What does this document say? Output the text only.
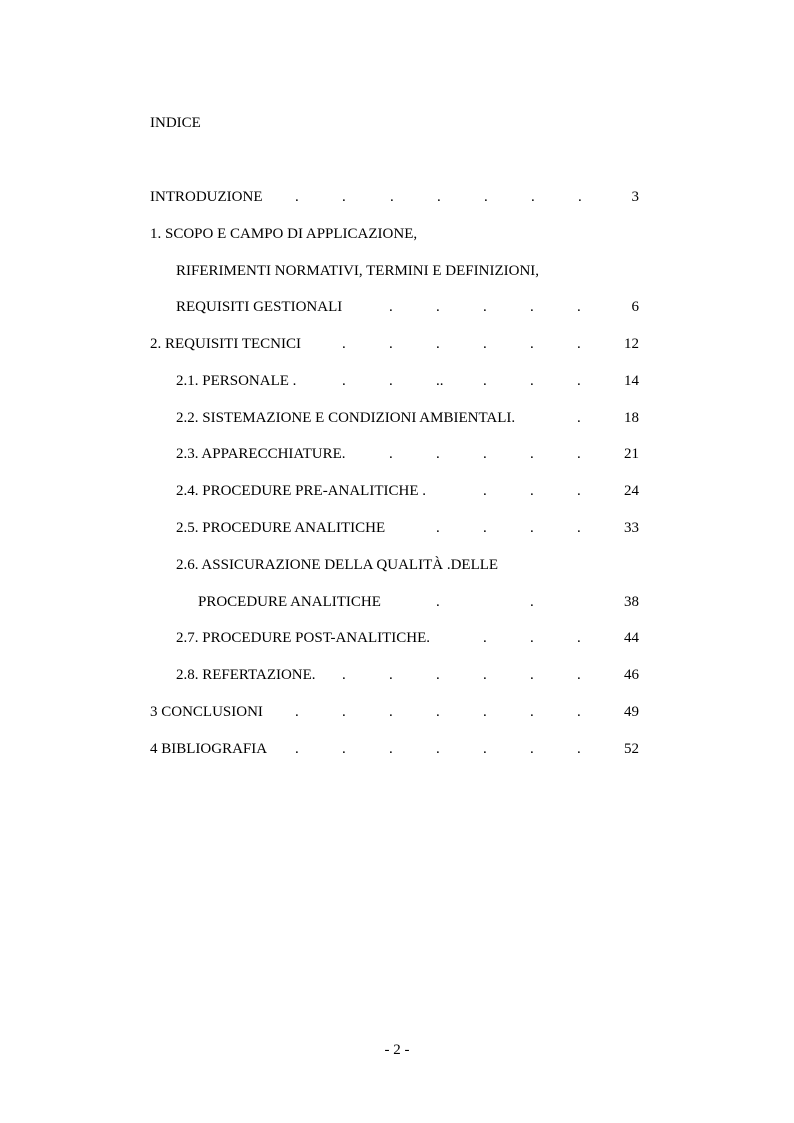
INDICE
INTRODUZIONE .	.	.	.	.	.	.	3
1. SCOPO E CAMPO DI APPLICAZIONE,
RIFERIMENTI NORMATIVI, TERMINI E DEFINIZIONI,
REQUISITI GESTIONALI	.	.	.	.	.	6
2. REQUISITI TECNICI	.	.	.	.	.	.	12
2.1. PERSONALE .	.	.	..	.	.	.	14
2.2. SISTEMAZIONE E CONDIZIONI AMBIENTALI.	.	18
2.3. APPARECCHIATURE.	.	.	.	.	.	21
2.4. PROCEDURE PRE-ANALITICHE .	.	.	.	24
2.5. PROCEDURE ANALITICHE	.	.	.	.	33
2.6. ASSICURAZIONE DELLA QUALITÀ .DELLE
PROCEDURE ANALITICHE	.	.	38
2.7. PROCEDURE POST-ANALITICHE.	.	.	.	44
2.8. REFERTAZIONE. .	.	.	.	.	.	46
3 CONCLUSIONI .	.	.	.	.	.	.	49
4 BIBLIOGRAFIA .	.	.	.	.	.	.	52
- 2 -
